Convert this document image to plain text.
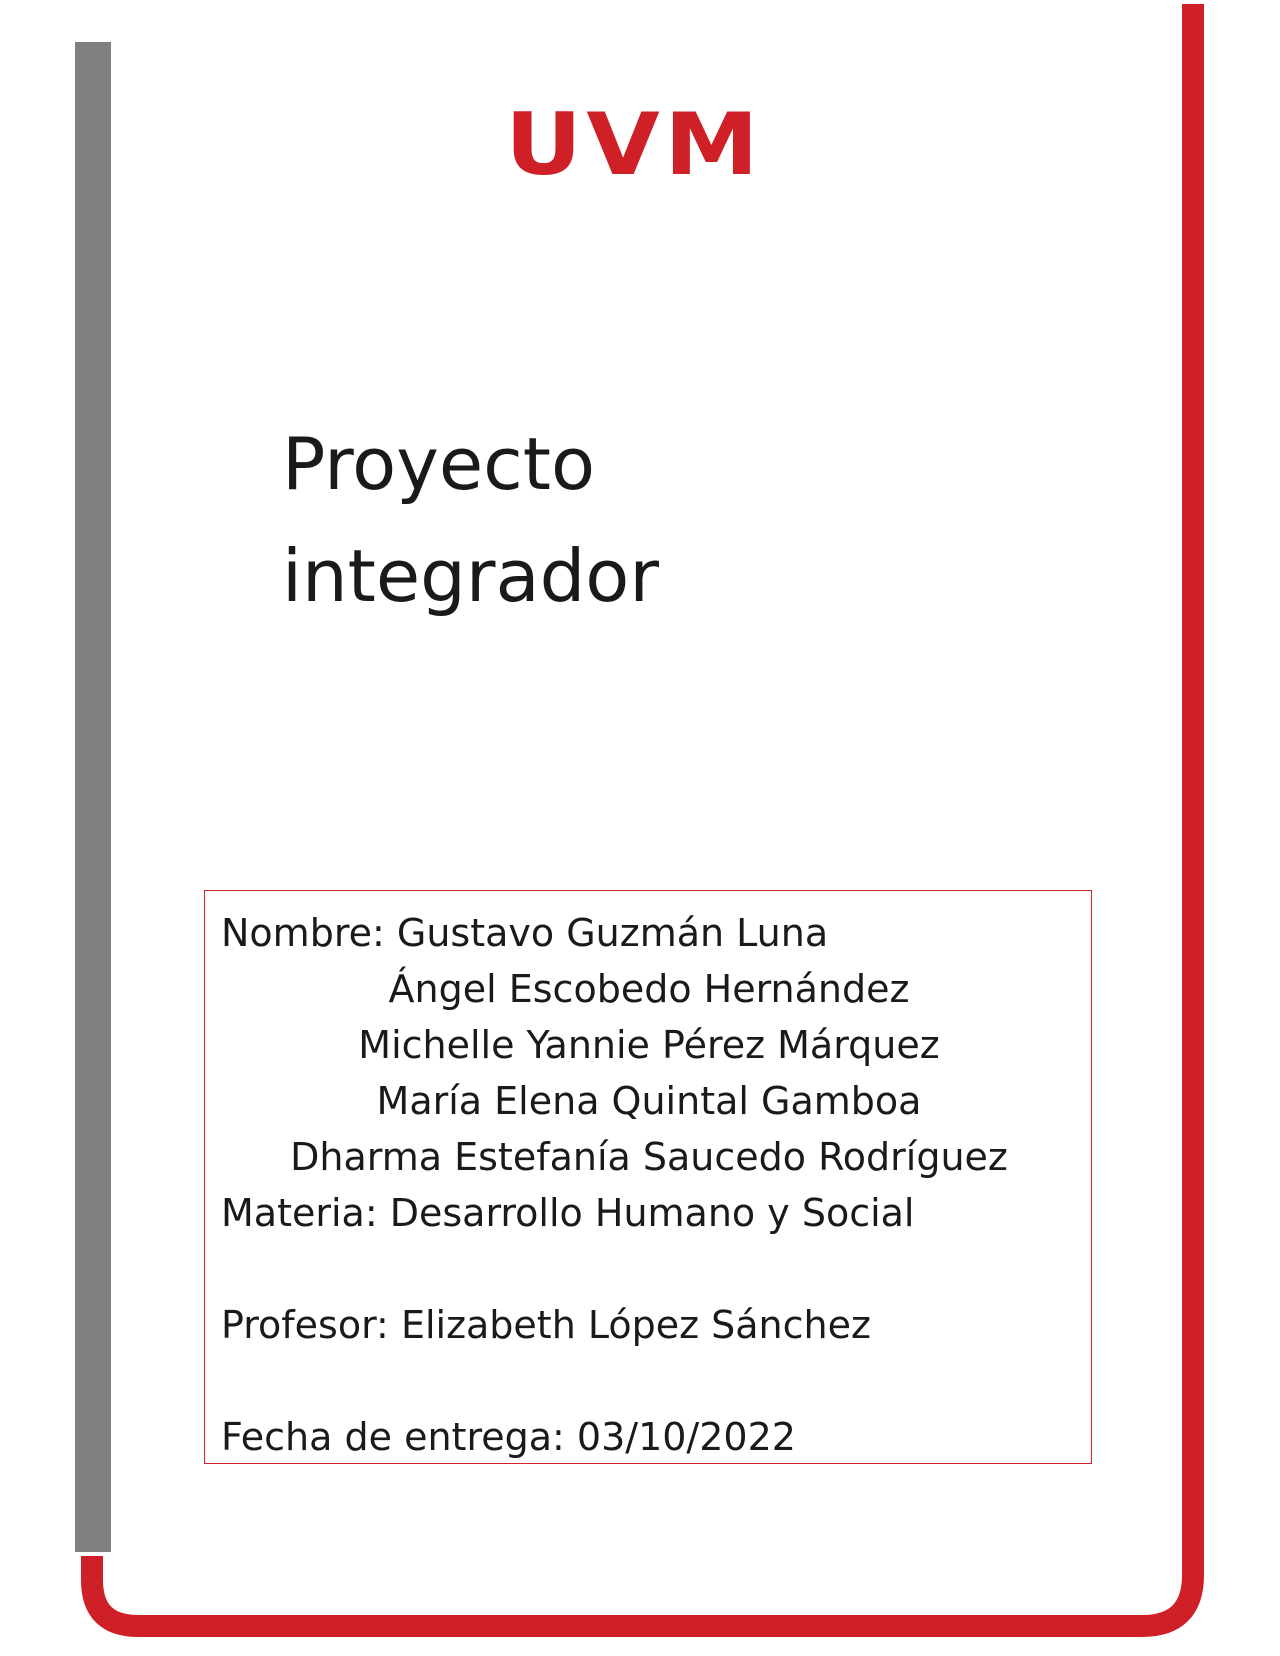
UVM
Proyecto
integrador

Nombre: Gustavo Guzmán Luna

Ángel Escobedo Hernández

Michelle Yannie Pérez Márquez

María Elena Quintal Gamboa

Dharma Estefanía Saucedo Rodríguez

Materia: Desarrollo Humano y Social

Profesor: Elizabeth López Sánchez

Fecha de entrega: 03/10/2022
